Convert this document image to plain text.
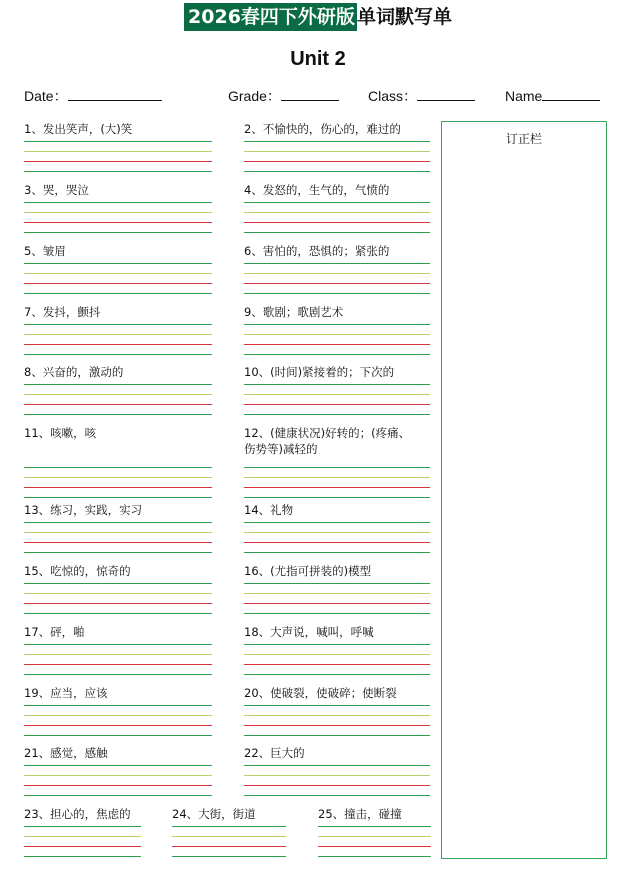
2026春四下外研版 单词默写单
Unit 2
Date：	Grade：	Class：	Name
1、发出笑声，(大)笑	2、不愉快的，伤心的，难过的
3、哭，哭泣	4、发怒的，生气的，气愤的
5、皱眉	6、害怕的，恐惧的；紧张的
7、发抖，颤抖	9、歌剧；歌剧艺术
8、兴奋的，激动的	10、(时间)紧接着的；下次的
11、咳嗽，咳	12、(健康状况)好转的；(疼痛、
伤势等)减轻的
13、练习，实践，实习	14、礼物
15、吃惊的，惊奇的	16、(尤指可拼装的)模型
17、砰，啪	18、大声说，喊叫，呼喊
19、应当，应该	20、使破裂，使破碎；使断裂
21、感觉，感触	22、巨大的
23、担心的，焦虑的	24、大街，街道	25、撞击，碰撞
订正栏
